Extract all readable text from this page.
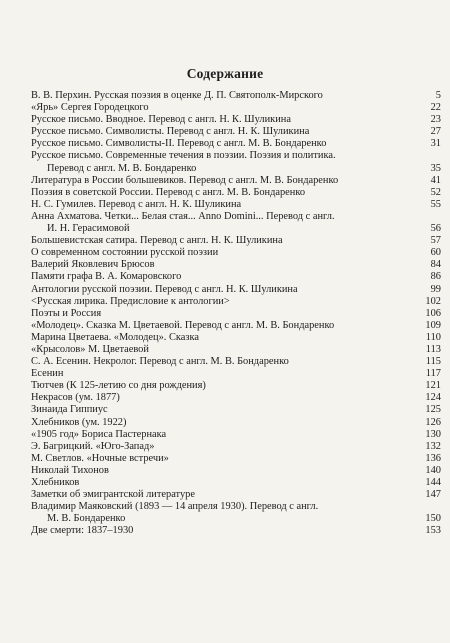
Содержание
В. В. Перхин. Русская поэзия в оценке Д. П. Святополк-Мирского	5
«Ярь» Сергея Городецкого	22
Русское письмо. Вводное. Перевод с англ. Н. К. Шуликина	23
Русское письмо. Символисты. Перевод с англ. Н. К. Шуликина	27
Русское письмо. Символисты-II. Перевод с англ. М. В. Бондаренко	31
Русское письмо. Современные течения в поэзии. Поэзия и политика.
Перевод с англ. М. В. Бондаренко	35
Литература в России большевиков. Перевод с англ. М. В. Бондаренко	41
Поэзия в советской России. Перевод с англ. М. В. Бондаренко	52
Н. С. Гумилев. Перевод с англ. Н. К. Шуликина	55
Анна Ахматова. Четки... Белая стая... Anno Domini... Перевод с англ.
И. Н. Герасимовой	56
Большевистская сатира. Перевод с англ. Н. К. Шуликина	57
О современном состоянии русской поэзии	60
Валерий Яковлевич Брюсов	84
Памяти графа В. А. Комаровского	86
Антологии русской поэзии. Перевод с англ. Н. К. Шуликина	99
<Русская лирика. Предисловие к антологии>	102
Поэты и Россия	106
«Молодец». Сказка М. Цветаевой. Перевод с англ. М. В. Бондаренко	109
Марина Цветаева. «Молодец». Сказка	110
«Крысолов» М. Цветаевой	113
С. А. Есенин. Некролог. Перевод с англ. М. В. Бондаренко	115
Есенин	117
Тютчев (К 125-летию со дня рождения)	121
Некрасов (ум. 1877)	124
Зинаида Гиппиус	125
Хлебников (ум. 1922)	126
«1905 год» Бориса Пастернака	130
Э. Багрицкий. «Юго-Запад»	132
М. Светлов. «Ночные встречи»	136
Николай Тихонов	140
Хлебников	144
Заметки об эмигрантской литературе	147
Владимир Маяковский (1893 — 14 апреля 1930). Перевод с англ.
М. В. Бондаренко	150
Две смерти: 1837–1930	153
